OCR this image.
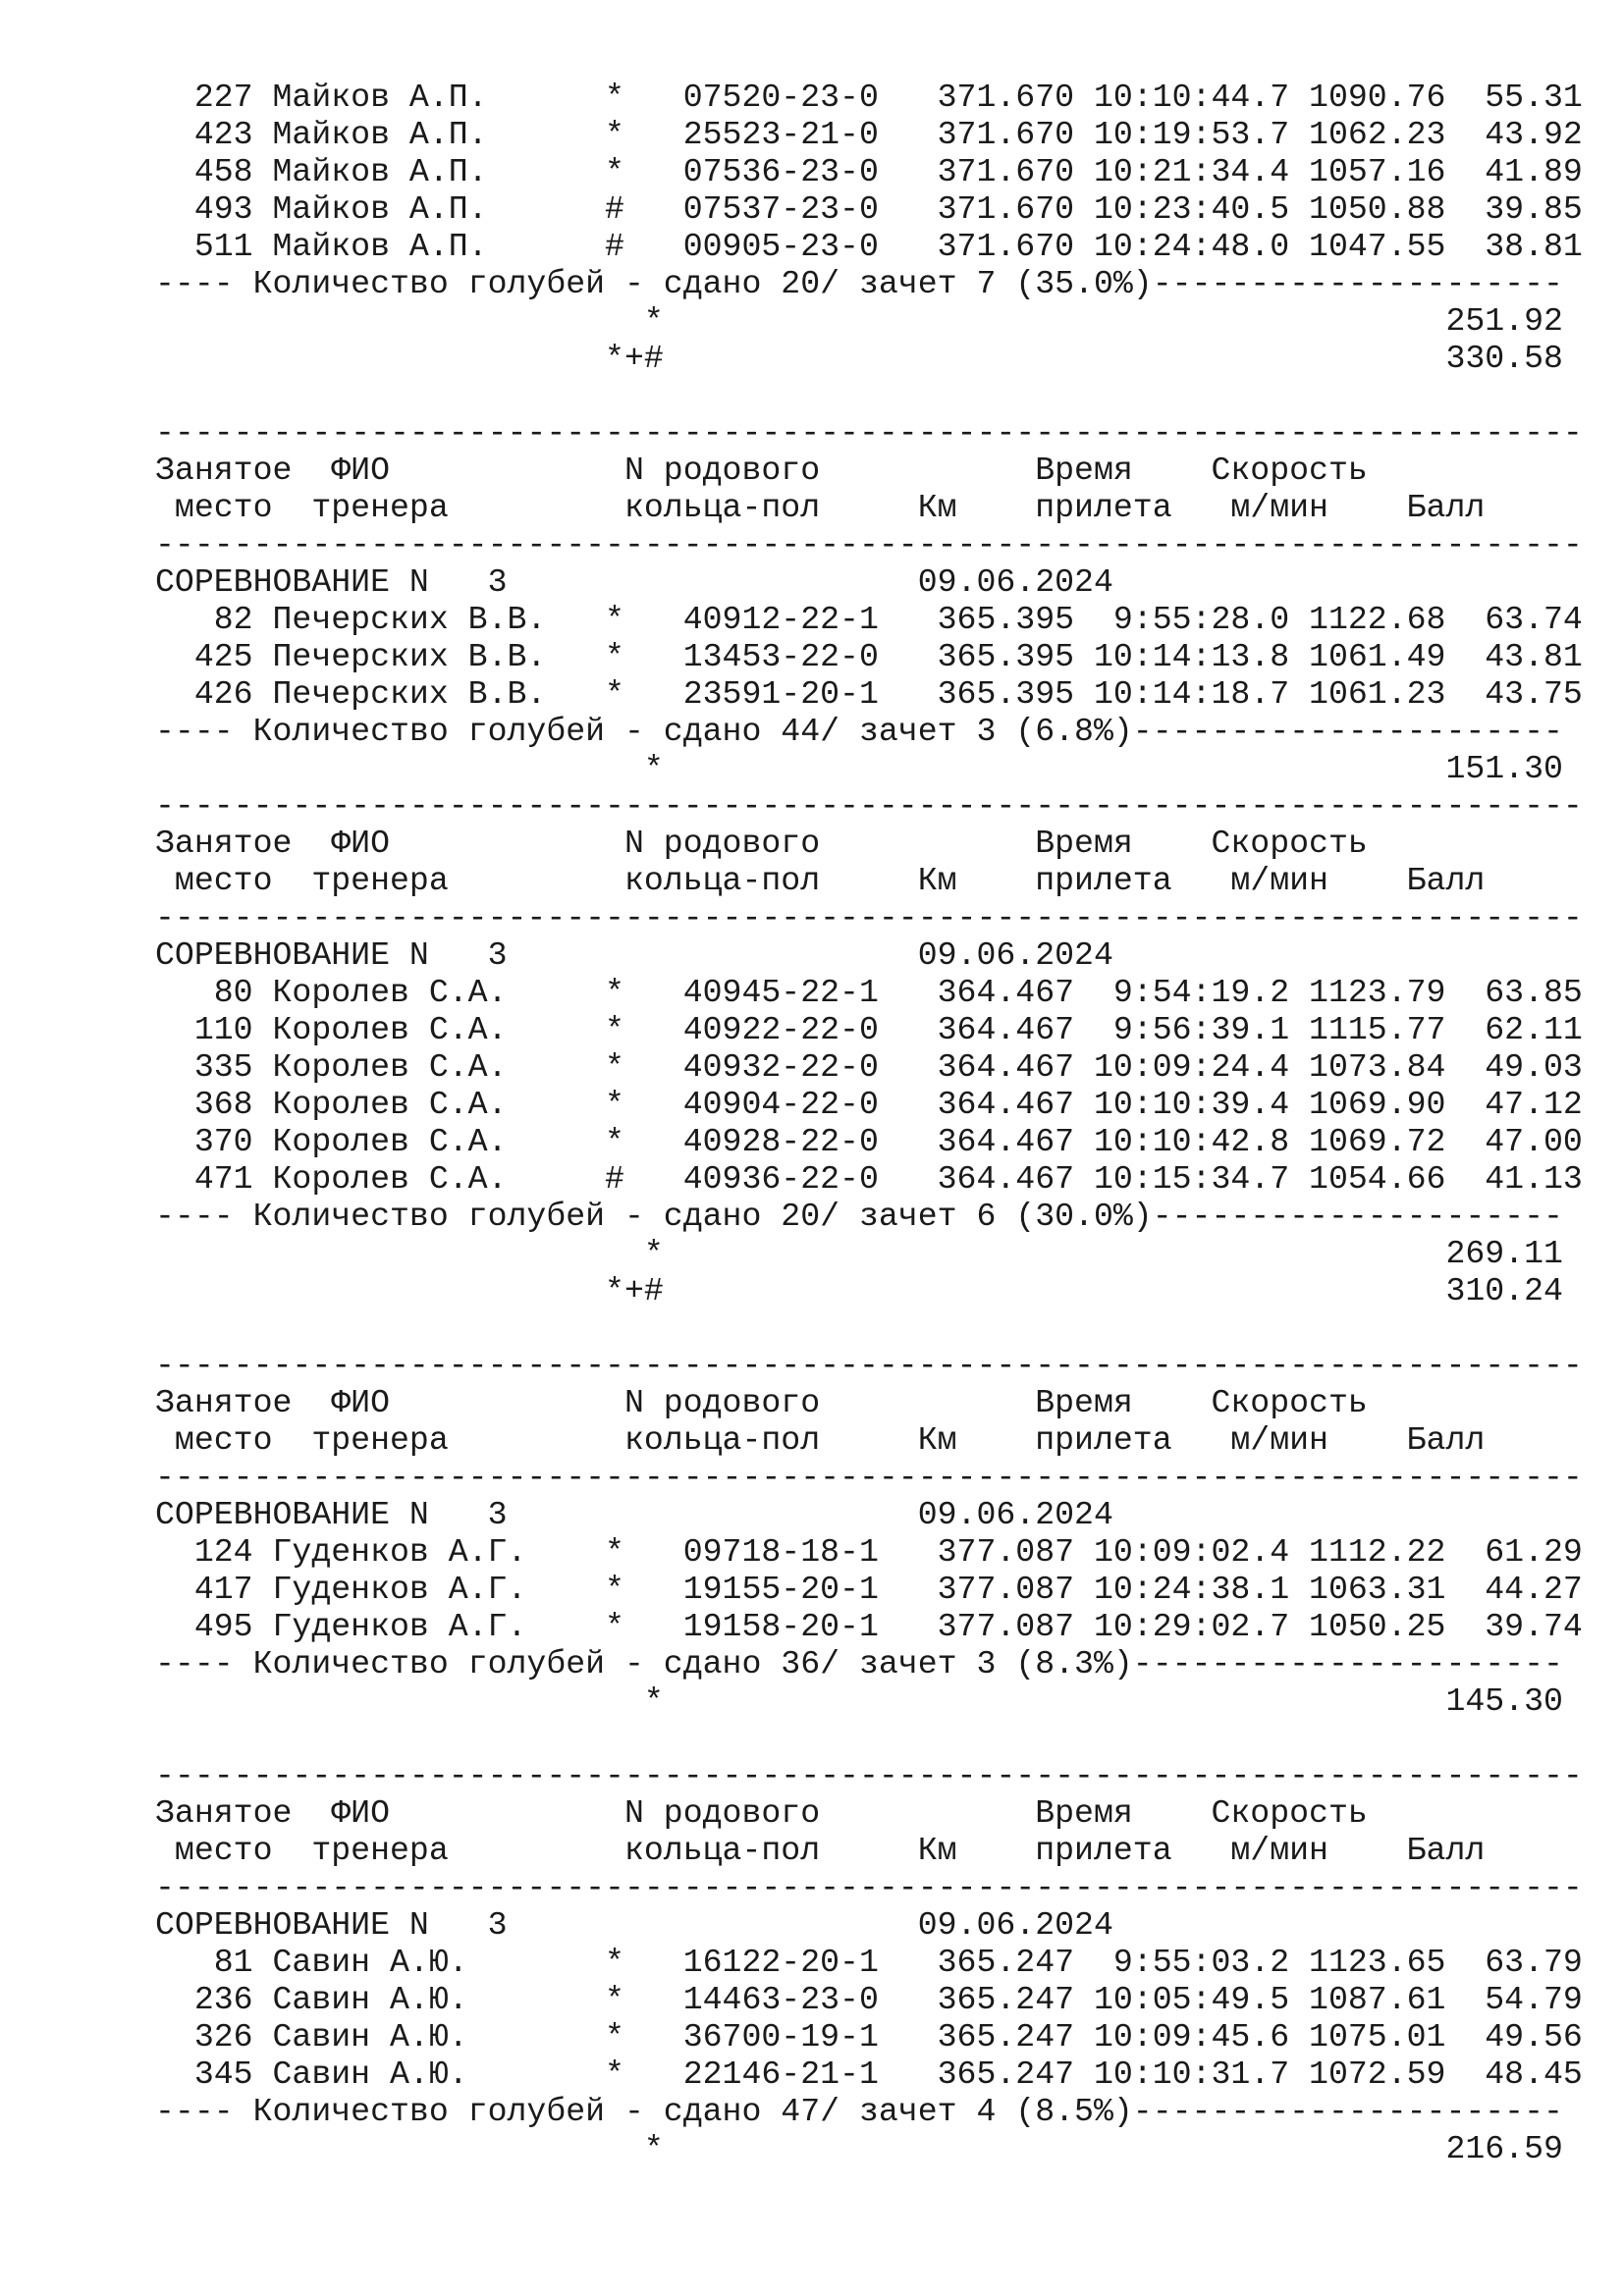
227 Майков А.П.      *   07520-23-0   371.670 10:10:44.7 1090.76  55.31
423 Майков А.П.      *   25523-21-0   371.670 10:19:53.7 1062.23  43.92
458 Майков А.П.      *   07536-23-0   371.670 10:21:34.4 1057.16  41.89
493 Майков А.П.      #   07537-23-0   371.670 10:23:40.5 1050.88  39.85
511 Майков А.П.      #   00905-23-0   371.670 10:24:48.0 1047.55  38.81
---- Количество голубей - сдано 20/ зачет 7 (35.0%)---------------------
*                                        251.92
*+#                                        330.58
-------------------------------------------------------------------------
Занятое  ФИО            N родового           Время    Скорость
место  тренера         кольца-пол     Км    прилета   м/мин    Балл
-------------------------------------------------------------------------
СОРЕВНОВАНИЕ N   3                     09.06.2024
82 Печерских В.В.   *   40912-22-1   365.395  9:55:28.0 1122.68  63.74
425 Печерских В.В.   *   13453-22-0   365.395 10:14:13.8 1061.49  43.81
426 Печерских В.В.   *   23591-20-1   365.395 10:14:18.7 1061.23  43.75
---- Количество голубей - сдано 44/ зачет 3 (6.8%)----------------------
*                                        151.30
-------------------------------------------------------------------------
Занятое  ФИО            N родового           Время    Скорость
место  тренера         кольца-пол     Км    прилета   м/мин    Балл
-------------------------------------------------------------------------
СОРЕВНОВАНИЕ N   3                     09.06.2024
80 Королев С.А.     *   40945-22-1   364.467  9:54:19.2 1123.79  63.85
110 Королев С.А.     *   40922-22-0   364.467  9:56:39.1 1115.77  62.11
335 Королев С.А.     *   40932-22-0   364.467 10:09:24.4 1073.84  49.03
368 Королев С.А.     *   40904-22-0   364.467 10:10:39.4 1069.90  47.12
370 Королев С.А.     *   40928-22-0   364.467 10:10:42.8 1069.72  47.00
471 Королев С.А.     #   40936-22-0   364.467 10:15:34.7 1054.66  41.13
---- Количество голубей - сдано 20/ зачет 6 (30.0%)---------------------
*                                        269.11
*+#                                        310.24
-------------------------------------------------------------------------
Занятое  ФИО            N родового           Время    Скорость
место  тренера         кольца-пол     Км    прилета   м/мин    Балл
-------------------------------------------------------------------------
СОРЕВНОВАНИЕ N   3                     09.06.2024
124 Гуденков А.Г.    *   09718-18-1   377.087 10:09:02.4 1112.22  61.29
417 Гуденков А.Г.    *   19155-20-1   377.087 10:24:38.1 1063.31  44.27
495 Гуденков А.Г.    *   19158-20-1   377.087 10:29:02.7 1050.25  39.74
---- Количество голубей - сдано 36/ зачет 3 (8.3%)----------------------
*                                        145.30
-------------------------------------------------------------------------
Занятое  ФИО            N родового           Время    Скорость
место  тренера         кольца-пол     Км    прилета   м/мин    Балл
-------------------------------------------------------------------------
СОРЕВНОВАНИЕ N   3                     09.06.2024
81 Савин А.Ю.       *   16122-20-1   365.247  9:55:03.2 1123.65  63.79
236 Савин А.Ю.       *   14463-23-0   365.247 10:05:49.5 1087.61  54.79
326 Савин А.Ю.       *   36700-19-1   365.247 10:09:45.6 1075.01  49.56
345 Савин А.Ю.       *   22146-21-1   365.247 10:10:31.7 1072.59  48.45
---- Количество голубей - сдано 47/ зачет 4 (8.5%)----------------------
*                                        216.59
